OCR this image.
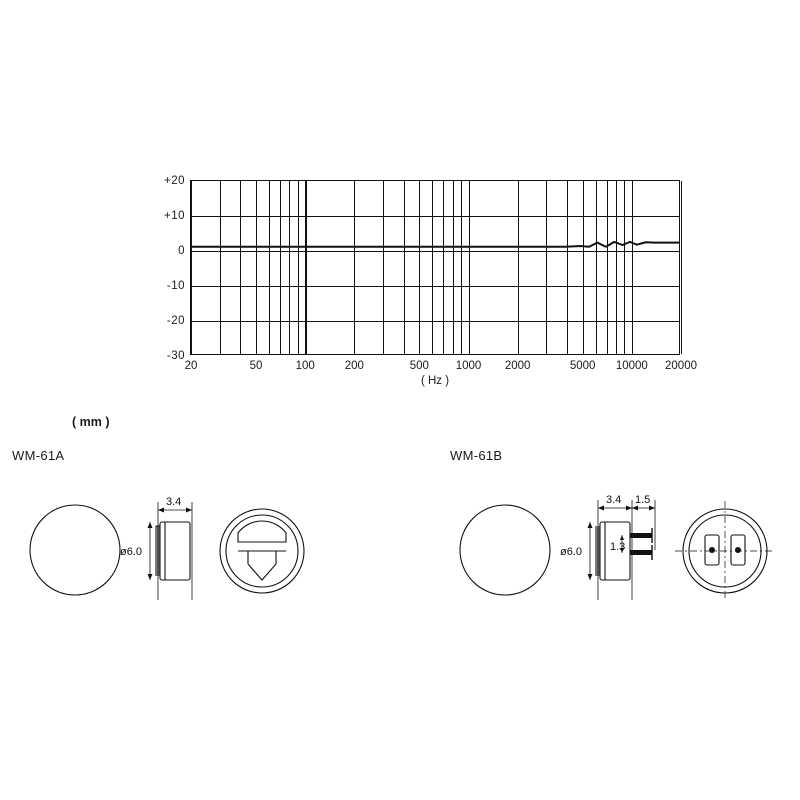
+20
+10
0
-10
-20
-30
20	50	100	200	500 1000 2000	5000 10000 20000
( Hz )
( mm )
WM-61A	WM-61B
3.4
ø6.0
3.4 1.5
1.3
ø6.0
